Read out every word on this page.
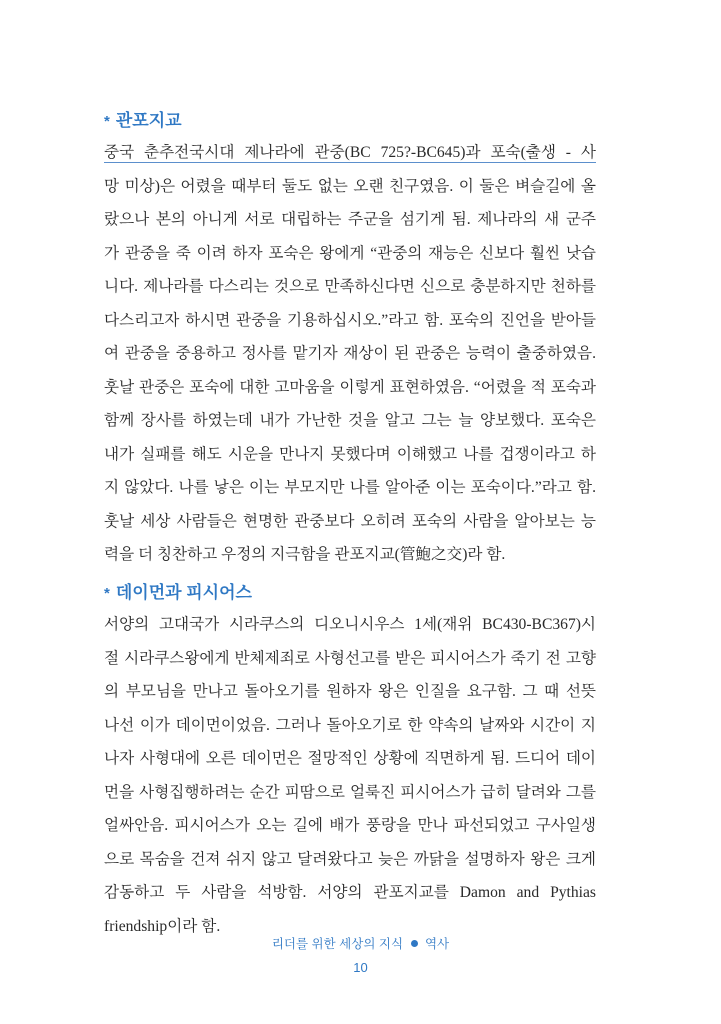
* 관포지교
중국 춘추전국시대 제나라에 관중(BC 725?-BC645)과 포숙(출생 - 사
망 미상)은 어렸을 때부터 둘도 없는 오랜 친구였음. 이 둘은 벼슬길에 올
랐으나 본의 아니게 서로 대립하는 주군을 섬기게 됨. 제나라의 새 군주
가 관중을 죽 이려 하자 포숙은 왕에게 “관중의 재능은 신보다 훨씬 낫습
니다. 제나라를 다스리는 것으로 만족하신다면 신으로 충분하지만 천하를
다스리고자 하시면 관중을 기용하십시오.”라고 함. 포숙의 진언을 받아들
여 관중을 중용하고 정사를 맡기자 재상이 된 관중은 능력이 출중하였음.
훗날 관중은 포숙에 대한 고마움을 이렇게 표현하였음. “어렸을 적 포숙과
함께 장사를 하였는데 내가 가난한 것을 알고 그는 늘 양보했다. 포숙은
내가 실패를 해도 시운을 만나지 못했다며 이해했고 나를 겁쟁이라고 하
지 않았다. 나를 낳은 이는 부모지만 나를 알아준 이는 포숙이다.”라고 함.
훗날 세상 사람들은 현명한 관중보다 오히려 포숙의 사람을 알아보는 능
력을 더 칭찬하고 우정의 지극함을 관포지교(管鮑之交)라 함.
* 데이먼과 피시어스
서양의 고대국가 시라쿠스의 디오니시우스 1세(재위 BC430-BC367)시
절 시라쿠스왕에게 반체제죄로 사형선고를 받은 피시어스가 죽기 전 고향
의 부모님을 만나고 돌아오기를 원하자 왕은 인질을 요구함. 그 때 선뜻
나선 이가 데이먼이었음. 그러나 돌아오기로 한 약속의 날짜와 시간이 지
나자 사형대에 오른 데이먼은 절망적인 상황에 직면하게 됨. 드디어 데이
먼을 사형집행하려는 순간 피땀으로 얼룩진 피시어스가 급히 달려와 그를
얼싸안음. 피시어스가 오는 길에 배가 풍랑을 만나 파선되었고 구사일생
으로 목숨을 건져 쉬지 않고 달려왔다고 늦은 까닭을 설명하자 왕은 크게
감동하고 두 사람을 석방함. 서양의 관포지교를 Damon and Pythias
friendship이라 함.
리더를 위한 세상의 지식 역사
10
